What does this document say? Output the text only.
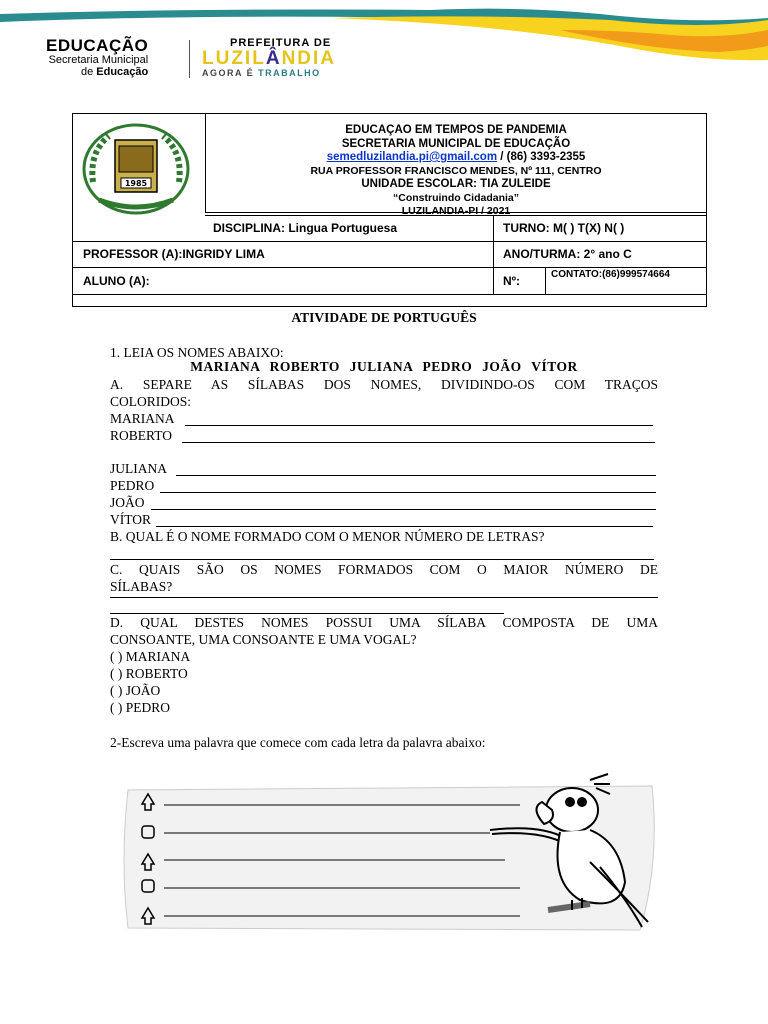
EDUCAÇÃO
Secretaria Municipal
de Educação
PREFEITURA DE
LUZILÂNDIA
AGORA É TRABALHO
1985
EDUCAÇAO EM TEMPOS DE PANDEMIA
SECRETARIA MUNICIPAL DE EDUCAÇÃO
semedluzilandia.pi@gmail.com / (86) 3393-2355
RUA PROFESSOR FRANCISCO MENDES, Nº 111, CENTRO
UNIDADE ESCOLAR: TIA ZULEIDE
“Construindo Cidadania”
LUZILANDIA-PI / 2021
DISCIPLINA: Lingua Portuguesa	TURNO: M( ) T(X) N( )
PROFESSOR (A):INGRIDY LIMA	ANO/TURMA: 2° ano C
ALUNO (A):	Nº:	CONTATO:(86)999574664
ATIVIDADE DE PORTUGUÊS
1. LEIA OS NOMES ABAIXO:
MARIANA ROBERTO JULIANA PEDRO JOÃO VÍTOR
A. SEPARE AS SÍLABAS DOS NOMES, DIVIDINDO-OS COM TRAÇOS
COLORIDOS:
MARIANA
ROBERTO
JULIANA
PEDRO
JOÃO
VÍTOR
B. QUAL É O NOME FORMADO COM O MENOR NÚMERO DE LETRAS?
C. QUAIS SÃO OS NOMES FORMADOS COM O MAIOR NÚMERO DE
SÍLABAS?
D. QUAL DESTES NOMES POSSUI UMA SÍLABA COMPOSTA DE UMA
CONSOANTE, UMA CONSOANTE E UMA VOGAL?
( ) MARIANA
( ) ROBERTO
( ) JOÃO
( ) PEDRO
2-Escreva uma palavra que comece com cada letra da palavra abaixo:
